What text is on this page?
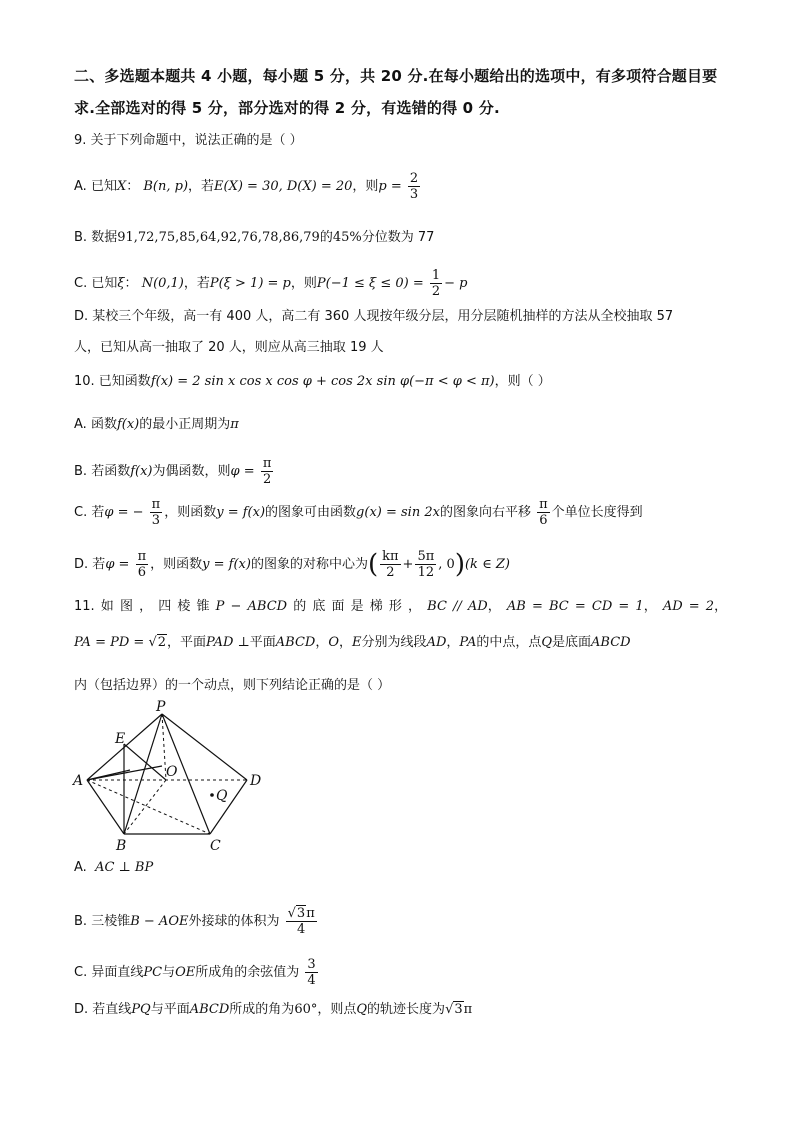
二、多选题本题共 4 小题，每小题 5 分，共 20 分.在每小题给出的选项中，有多项符合题目要
求.全部选对的得 5 分，部分选对的得 2 分，有选错的得 0 分.
9. 关于下列命题中，说法正确的是（ ）
A. 已知X： B(n, p)，若E(X) = 30, D(X) = 20，则$p = \frac{2}{3}$
B. 数据91,72,75,85,64,92,76,78,86,79的45%分位数为 77
C. 已知ξ： N(0,1)，若P(ξ > 1) = p，则$P(-1 \le \xi \le 0) = \frac{1}{2} - p$
D. 某校三个年级，高一有 400 人，高二有 360 人现按年级分层，用分层随机抽样的方法从全校抽取 57
人，已知从高一抽取了 20 人，则应从高三抽取 19 人
10. 已知函数f(x) = 2 sin x cos x cos φ + cos 2x sin φ(−π < φ < π)，则（ ）
A. 函数f(x)的最小正周期为π
B. 若函数f(x)为偶函数，则$\varphi = \frac{\pi}{2}$
C. 若φ = − $\frac{\pi}{3}$ ，则函数y = f(x)的图象可由函数g(x) = sin 2x的图象向右平移 $\frac{\pi}{6}$ 个单位长度得到
D. 若$\varphi = \frac{\pi}{6}$ ，则函数y = f(x)的图象的对称中心为( $\frac{k\pi}{2} + \frac{5\pi}{12}$ , 0)(k ∈ Z)
11. 如 图 ， 四 棱 锥 P − ABCD 的 底 面 是 梯 形 ， BC // AD， AB = BC = CD = 1， AD = 2，
PA = PD = √2，平面PAD ⊥平面ABCD，O，E分别为线段AD，PA的中点，点Q是底面ABCD
内（包括边界）的一个动点，则下列结论正确的是（ ）
P
E
A
O
D
Q
B	C
A. AC ⊥ BP
B. 三棱锥B − AOE外接球的体积为 $\frac{√3\pi}{4}$
C. 异面直线PC与OE所成角的余弦值为 $\frac{3}{4}$
D. 若直线PQ与平面ABCD所成的角为60°，则点Q的轨迹长度为√3π
